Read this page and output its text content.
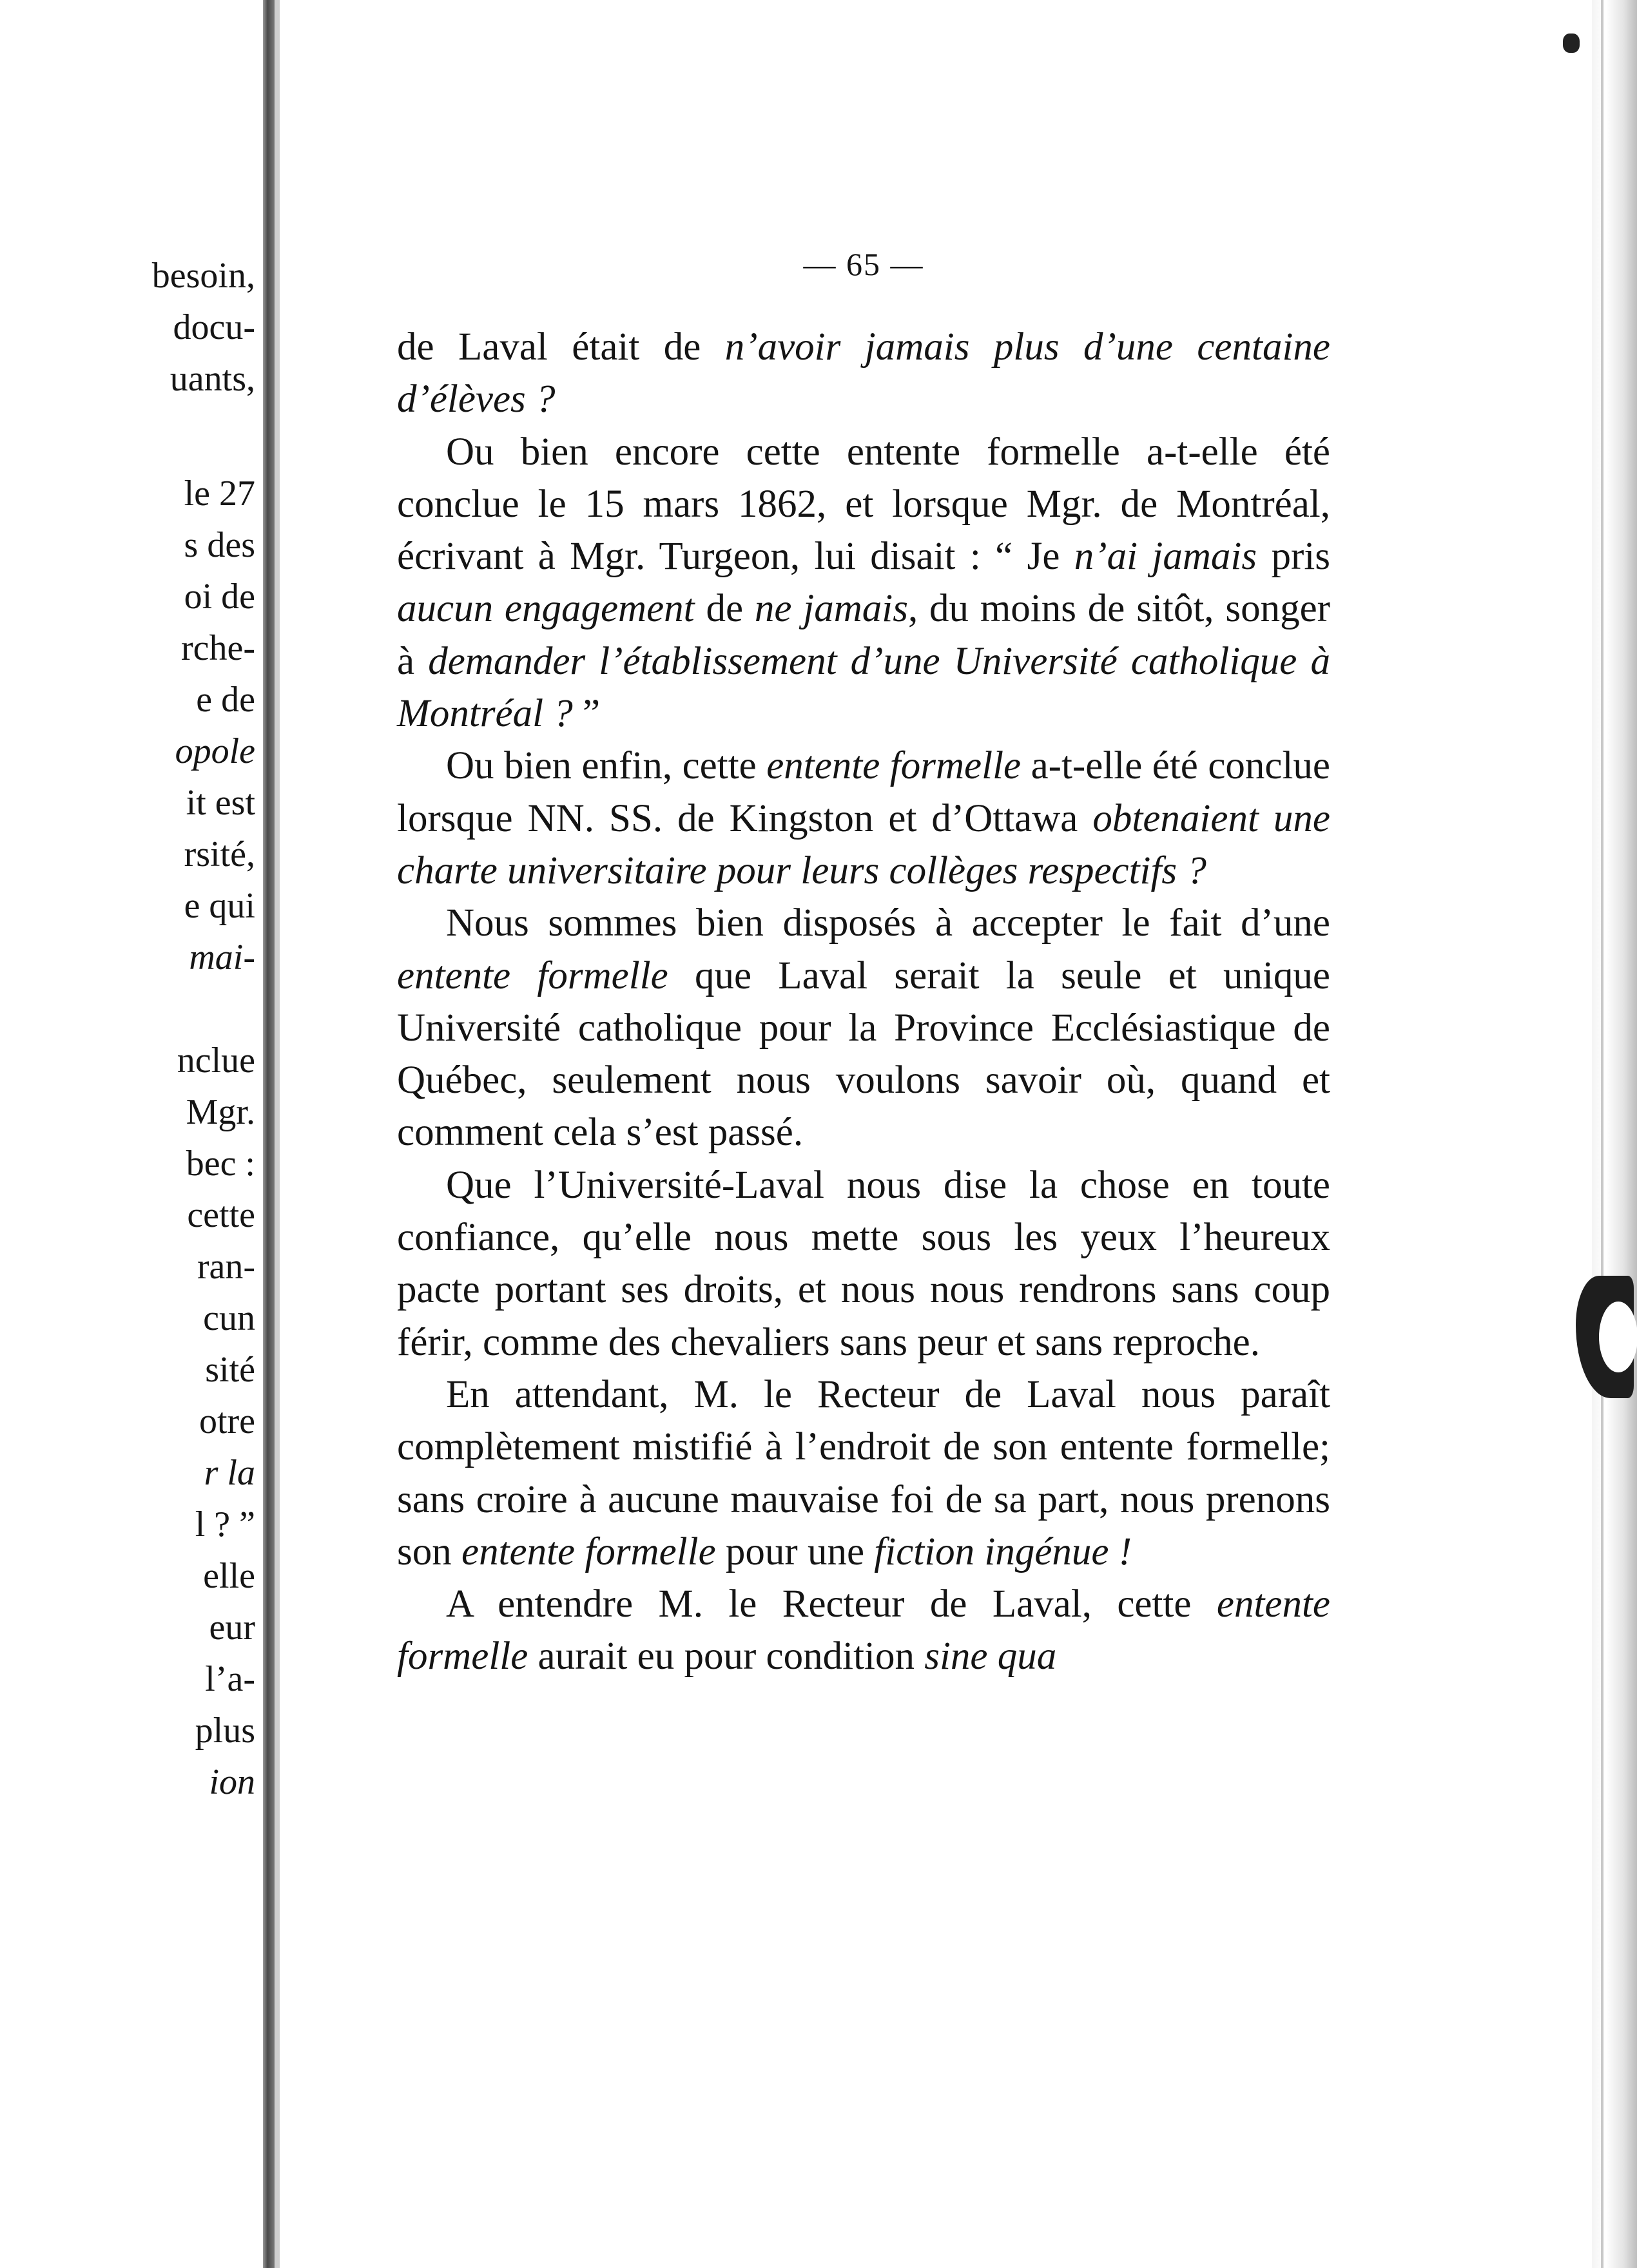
besoin,
docu-
uants,
le 27
s des
oi de
rche-
e de
opole
it est
rsité,
e qui
mai-
nclue
Mgr.
bec :
cette
ran-
cun
sité
otre
r la
l ? ”
elle
eur
l’a-
plus
ion
— 65 —
de Laval était de n’avoir jamais plus d’une centaine d’élèves ?
Ou bien encore cette entente formelle a-t-elle été conclue le 15 mars 1862, et lorsque Mgr. de Montréal, écrivant à Mgr. Turgeon, lui disait : “ Je n’ai jamais pris aucun engagement de ne jamais, du moins de sitôt, songer à demander l’établissement d’une Université catholique à Montréal ? ”
Ou bien enfin, cette entente formelle a-t-elle été conclue lorsque NN. SS. de Kingston et d’Ottawa obtenaient une charte universitaire pour leurs collèges respectifs ?
Nous sommes bien disposés à accepter le fait d’une entente formelle que Laval serait la seule et unique Université catholique pour la Province Ecclésiastique de Québec, seulement nous voulons savoir où, quand et comment cela s’est passé.
Que l’Université-Laval nous dise la chose en toute confiance, qu’elle nous mette sous les yeux l’heureux pacte portant ses droits, et nous nous rendrons sans coup férir, comme des chevaliers sans peur et sans reproche.
En attendant, M. le Recteur de Laval nous paraît complètement mistifié à l’endroit de son entente formelle; sans croire à aucune mauvaise foi de sa part, nous prenons son entente formelle pour une fiction ingénue !
A entendre M. le Recteur de Laval, cette entente formelle aurait eu pour condition sine qua
